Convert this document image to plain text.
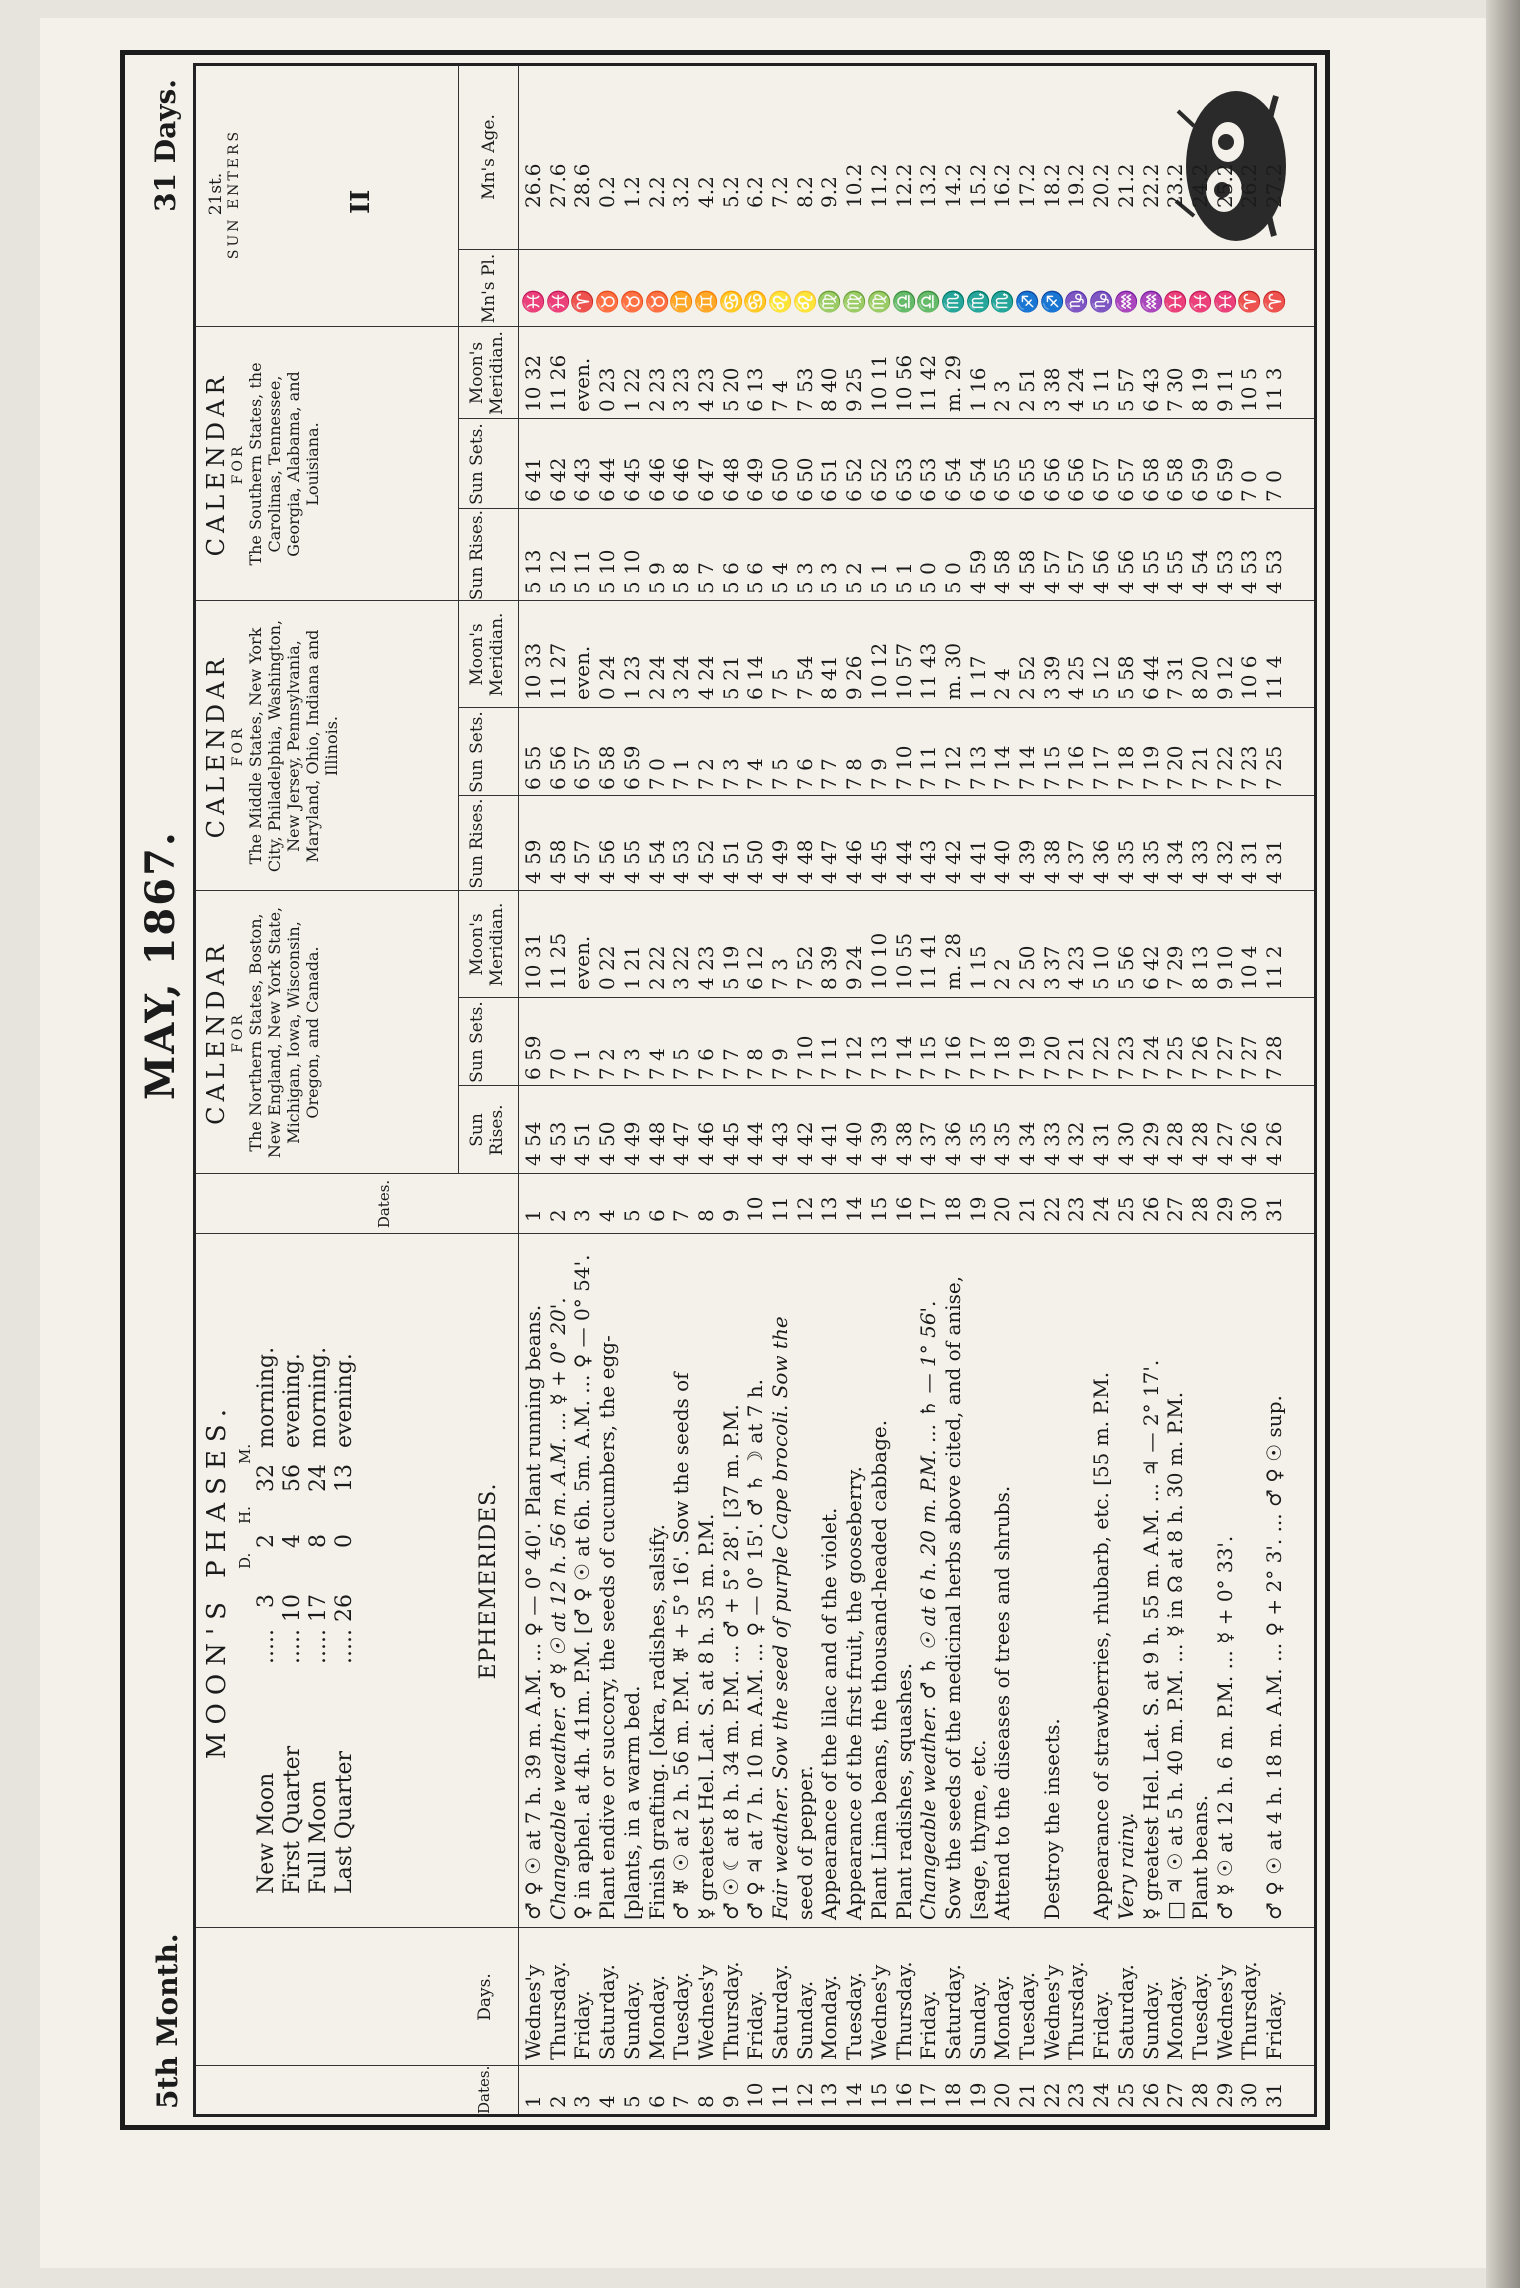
5th Month.
MAY, 1867.
31 Days.
MOON'S PHASES. D.
H.
M.
New Moon
.....
3
2
32
morning.
First Quarter
.....
10
4
56
evening.
Full Moon
.....
17
8
24
morning.
Last Quarter
.....
26
0
13
evening.
Dates.
Days.
EPHEMERIDES.
Dates.
CALENDAR FOR The Northern States, Boston, New England, New York State, Michigan, Iowa, Wisconsin, Oregon, and Canada.
CALENDAR FOR The Middle States, New York City, Philadelphia, Washington, New Jersey, Pennsylvania, Maryland, Ohio, Indiana and Illinois.
CALENDAR FOR The Southern States, the Carolinas, Tennessee, Georgia, Alabama, and Louisiana.
21st. SUN ENTERS	II
Sun Rises.
Sun Sets.
Moon's Meridian.
Sun Rises.
Sun Sets.
Moon's Meridian.
Sun Rises.
Sun Sets.
Moon's Meridian.
Mn's Pl.
Mn's Age.
1
Wednes'y
♂ ♀ ☉ at 7 h. 39 m. A.M. ... ♀ — 0° 40'. Plant running beans.
1
4 54
6 59
10 31
4 59
6 55
10 33
5 13
6 41
10 32
♓
26.6
2
Thursday.
Changeable weather. ♂ ☿ ☉ at 12 h. 56 m. A.M. ... ☿ + 0° 20'.
2
4 53
7 0
11 25
4 58
6 56
11 27
5 12
6 42
11 26
♓
27.6
3
Friday.
♀ in aphel. at 4h. 41m. P.M. [♂ ♀ ☉ at 6h. 5m. A.M. ... ♀ — 0° 54'.
3
4 51
7 1
even.
4 57
6 57
even.
5 11
6 43
even.
♈
28.6
4
Saturday.
Plant endive or succory, the seeds of cucumbers, the egg-
4
4 50
7 2
0 22
4 56
6 58
0 24
5 10
6 44
0 23
♉
0.2
5
Sunday.
[plants, in a warm bed.
5
4 49
7 3
1 21
4 55
6 59
1 23
5 10
6 45
1 22
♉
1.2
6
Monday.
Finish grafting. [okra, radishes, salsify.
6
4 48
7 4
2 22
4 54
7 0
2 24
5 9
6 46
2 23
♉
2.2
7
Tuesday.
♂ ♅ ☉ at 2 h. 56 m. P.M. ♅ + 5° 16'. Sow the seeds of
7
4 47
7 5
3 22
4 53
7 1
3 24
5 8
6 46
3 23
♊
3.2
8
Wednes'y
☿ greatest Hel. Lat. S. at 8 h. 35 m. P.M.
8
4 46
7 6
4 23
4 52
7 2
4 24
5 7
6 47
4 23
♊
4.2
9
Thursday.
♂ ☉ ☾ at 8 h. 34 m. P.M. ... ♂ + 5° 28'. [37 m. P.M.
9
4 45
7 7
5 19
4 51
7 3
5 21
5 6
6 48
5 20
♋
5.2
10
Friday.
♂ ♀ ♃ at 7 h. 10 m. A.M. ... ♀ — 0° 15'. ♂ ♄ ☽ at 7 h.
10
4 44
7 8
6 12
4 50
7 4
6 14
5 6
6 49
6 13
♋
6.2
11
Saturday.
Fair weather. Sow the seed of purple Cape brocoli. Sow the
11
4 43
7 9
7 3
4 49
7 5
7 5
5 4
6 50
7 4
♌
7.2
12
Sunday.
seed of pepper.
12
4 42
7 10
7 52
4 48
7 6
7 54
5 3
6 50
7 53
♌
8.2
13
Monday.
Appearance of the lilac and of the violet.
13
4 41
7 11
8 39
4 47
7 7
8 41
5 3
6 51
8 40
♍
9.2
14
Tuesday.
Appearance of the first fruit, the gooseberry.
14
4 40
7 12
9 24
4 46
7 8
9 26
5 2
6 52
9 25
♍
10.2
15
Wednes'y
Plant Lima beans, the thousand-headed cabbage.
15
4 39
7 13
10 10
4 45
7 9
10 12
5 1
6 52
10 11
♍
11.2
16
Thursday.
Plant radishes, squashes.
16
4 38
7 14
10 55
4 44
7 10
10 57
5 1
6 53
10 56
♎
12.2
17
Friday.
Changeable weather. ♂ ♄ ☉ at 6 h. 20 m. P.M. ... ♄ — 1° 56'.
17
4 37
7 15
11 41
4 43
7 11
11 43
5 0
6 53
11 42
♎
13.2
18
Saturday.
Sow the seeds of the medicinal herbs above cited, and of anise,
18
4 36
7 16
m. 28
4 42
7 12
m. 30
5 0
6 54
m. 29
♏
14.2
19
Sunday.
[sage, thyme, etc.
19
4 35
7 17
1 15
4 41
7 13
1 17
4 59
6 54
1 16
♏
15.2
20
Monday.
Attend to the diseases of trees and shrubs.
20
4 35
7 18
2 2
4 40
7 14
2 4
4 58
6 55
2 3
♏
16.2
21
Tuesday.
21
4 34
7 19
2 50
4 39
7 14
2 52
4 58
6 55
2 51
♐
17.2
22
Wednes'y
Destroy the insects.
22
4 33
7 20
3 37
4 38
7 15
3 39
4 57
6 56
3 38
♐
18.2
23
Thursday.
23
4 32
7 21
4 23
4 37
7 16
4 25
4 57
6 56
4 24
♑
19.2
24
Friday.
Appearance of strawberries, rhubarb, etc. [55 m. P.M.
24
4 31
7 22
5 10
4 36
7 17
5 12
4 56
6 57
5 11
♑
20.2
25
Saturday.
Very rainy.
25
4 30
7 23
5 56
4 35
7 18
5 58
4 56
6 57
5 57
♒
21.2
26
Sunday.
☿ greatest Hel. Lat. S. at 9 h. 55 m. A.M. ... ♃ — 2° 17'.
26
4 29
7 24
6 42
4 35
7 19
6 44
4 55
6 58
6 43
♒
22.2
27
Monday.
□ ♃ ☉ at 5 h. 40 m. P.M. ... ☿ in ☊ at 8 h. 30 m. P.M.
27
4 28
7 25
7 29
4 34
7 20
7 31
4 55
6 58
7 30
♓
23.2
28
Tuesday.
Plant beans.
28
4 28
7 26
8 13
4 33
7 21
8 20
4 54
6 59
8 19
♓
24.2
29
Wednes'y
♂ ☿ ☉ at 12 h. 6 m. P.M. ... ☿ + 0° 33'.
29
4 27
7 27
9 10
4 32
7 22
9 12
4 53
6 59
9 11
♓
25.2
30
Thursday.
30
4 26
7 27
10 4
4 31
7 23
10 6
4 53
7 0
10 5
♈
26.2
31
Friday.
♂ ♀ ☉ at 4 h. 18 m. A.M. ... ♀ + 2° 3'. ... ♂ ♀ ☉ sup.
31
4 26
7 28
11 2
4 31
7 25
11 4
4 53
7 0
11 3
♈
27.2
